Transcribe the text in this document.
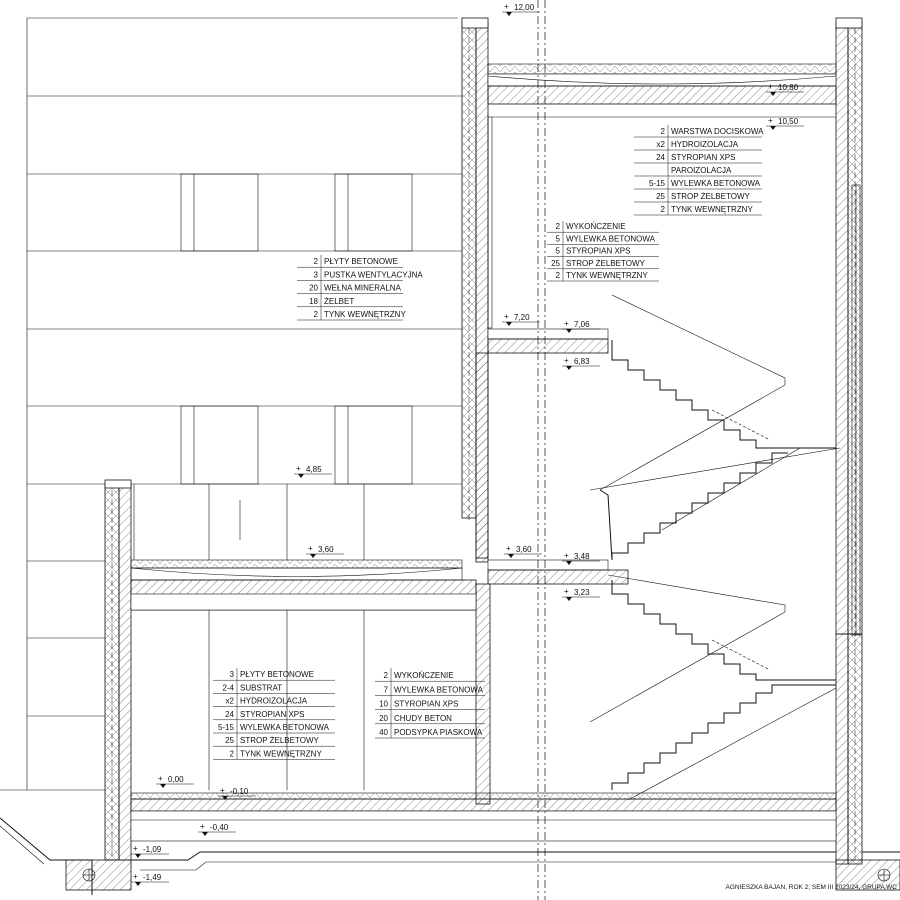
+ 12,00
+ 10,80
+ 10,50
+ 7,20
+ 7,06
+ 6,83
+ 4,85
+ 3,60	+ 3,60
+ 3,48
+ 3,23
+ 0,00
+ -0,10
+ -0,40
+ -1,09
+ -1,49
2 WARSTWA DOCISKOWA
x2 HYDROIZOLACJA
24 STYROPIAN XPS
PAROIZOLACJA
5-15 WYLEWKA BETONOWA
25 STROP ŻELBETOWY
2 TYNK WEWNĘTRZNY
2 WYKOŃCZENIE
5 WYLEWKA BETONOWA
5 STYROPIAN XPS
25 STROP ŻELBETOWY
2 TYNK WEWNĘTRZNY
2 PŁYTY BETONOWE
3 PUSTKA WENTYLACYJNA
20 WEŁNA MINERALNA
18 ŻELBET
2 TYNK WEWNĘTRZNY
3 PŁYTY BETONOWE
2-4 SUBSTRAT
x2 HYDROIZOLACJA
24 STYROPIAN XPS
5-15 WYLEWKA BETONOWA
25 STROP ŻELBETOWY
2 TYNK WEWNĘTRZNY
2 WYKOŃCZENIE
7 WYLEWKA BETONOWA
10 STYROPIAN XPS
20 CHUDY BETON
40 PODSYPKA PIASKOWA
AGNIESZKA BAJAN, ROK 2, SEM III 2023/24, GRUPA WC
